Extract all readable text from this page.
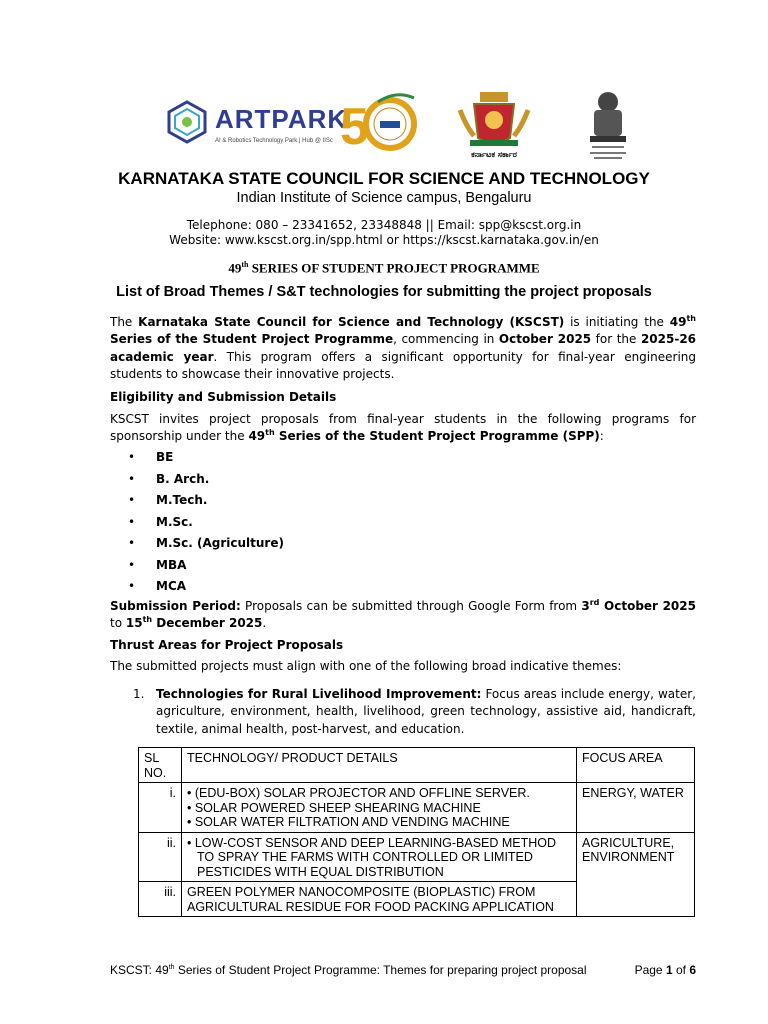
ARTPARK
AI & Robotics Technology Park | Hub @ IISc 5	ಕರ್ನಾಟಕ ಸರ್ಕಾರ
KARNATAKA STATE COUNCIL FOR SCIENCE AND TECHNOLOGY
Indian Institute of Science campus, Bengaluru
Telephone: 080 – 23341652, 23348848 || Email: spp@kscst.org.in
Website: www.kscst.org.in/spp.html or https://kscst.karnataka.gov.in/en
49th SERIES OF STUDENT PROJECT PROGRAMME
List of Broad Themes / S&T technologies for submitting the project proposals
The Karnataka State Council for Science and Technology (KSCST) is initiating the 49th Series of the Student Project Programme, commencing in October 2025 for the 2025-26 academic year. This program offers a significant opportunity for final-year engineering students to showcase their innovative projects.
Eligibility and Submission Details
KSCST invites project proposals from final-year students in the following programs for sponsorship under the 49th Series of the Student Project Programme (SPP):
• BE
• B. Arch.
• M.Tech.
• M.Sc.
• M.Sc. (Agriculture)
• MBA
• MCA
Submission Period: Proposals can be submitted through Google Form from 3rd October 2025 to 15th December 2025.
Thrust Areas for Project Proposals
The submitted projects must align with one of the following broad indicative themes:
1. Technologies for Rural Livelihood Improvement: Focus areas include energy, water, agriculture, environment, health, livelihood, green technology, assistive aid, handicraft, textile, animal health, post-harvest, and education.
SL NO.	TECHNOLOGY/ PRODUCT DETAILS	FOCUS AREA
i.	• (EDU-BOX) SOLAR PROJECTOR AND OFFLINE SERVER.
• SOLAR POWERED SHEEP SHEARING MACHINE
• SOLAR WATER FILTRATION AND VENDING MACHINE	ENERGY, WATER
ii.	• LOW-COST SENSOR AND DEEP LEARNING-BASED METHOD TO SPRAY THE FARMS WITH CONTROLLED OR LIMITED PESTICIDES WITH EQUAL DISTRIBUTION	AGRICULTURE, ENVIRONMENT
iii.	GREEN POLYMER NANOCOMPOSITE (BIOPLASTIC) FROM AGRICULTURAL RESIDUE FOR FOOD PACKING APPLICATION	
KSCST: 49th Series of Student Project Programme: Themes for preparing project proposal	Page 1 of 6
